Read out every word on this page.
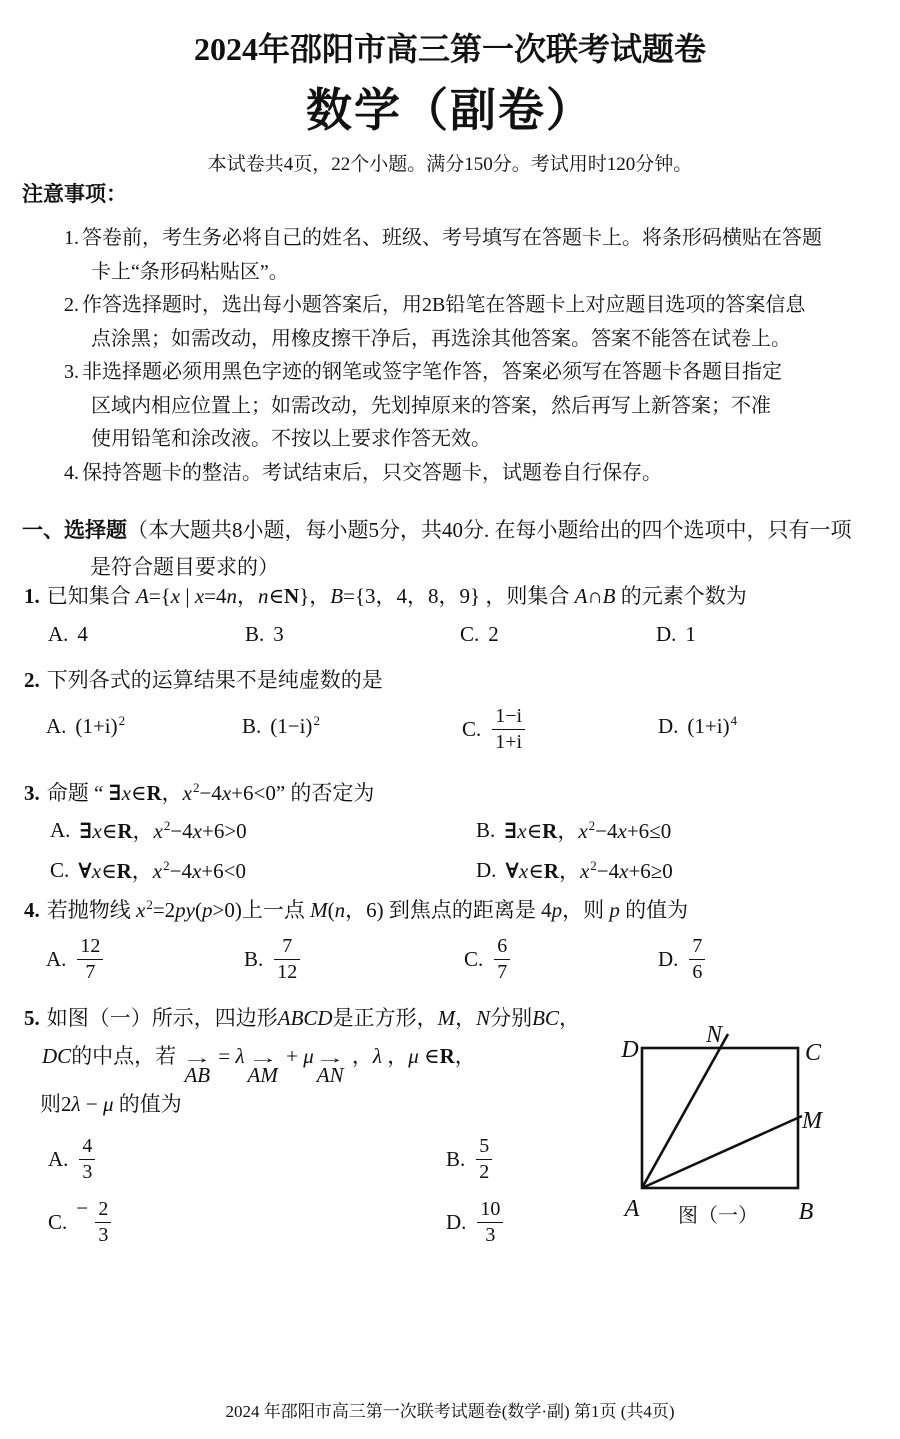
2024年邵阳市高三第一次联考试题卷
数学（副卷）
本试卷共4页，22个小题。满分150分。考试用时120分钟。
注意事项：
1. 答卷前，考生务必将自己的姓名、班级、考号填写在答题卡上。将条形码横贴在答题
卡上“条形码粘贴区”。
2. 作答选择题时，选出每小题答案后，用2B铅笔在答题卡上对应题目选项的答案信息
点涂黑；如需改动，用橡皮擦干净后，再选涂其他答案。答案不能答在试卷上。
3. 非选择题必须用黑色字迹的钢笔或签字笔作答，答案必须写在答题卡各题目指定
区域内相应位置上；如需改动，先划掉原来的答案，然后再写上新答案；不准
使用铅笔和涂改液。不按以上要求作答无效。
4. 保持答题卡的整洁。考试结束后，只交答题卡，试题卷自行保存。
一、选择题（本大题共8小题，每小题5分，共40分. 在每小题给出的四个选项中，只有一项
是符合题目要求的）
1. 已知集合 A={x | x=4n，n∈N}，B={3，4，8，9} ，则集合 A∩B 的元素个数为
A. 4	B. 3	C. 2	D. 1
2. 下列各式的运算结果不是纯虚数的是
A. $(1+i)^2$	B. $(1-i)^2$	C. $\frac{1-i}{1+i}$	D. $(1+i)^4$
3. 命题 “ ∃x∈R，$x^2-4x+6<0$” 的否定为
A. ∃x∈R，$x^2-4x+6>0$	B. ∃x∈R，$x^2-4x+6\le 0$
C. ∀x∈R，$x^2-4x+6<0$	D. ∀x∈R，$x^2-4x+6\ge 0$
4. 若抛物线 $x^2=2py(p>0)$上一点 M(n，6) 到焦点的距离是 4p，则 p 的值为
A. $\frac{12}{7}$	B. $\frac{7}{12}$	C. $\frac{6}{7}$	D. $\frac{7}{6}$
5. 如图（一）所示，四边形ABCD是正方形，M，N分别BC，
DC的中点，若 →
AB
= λ →
AM
+ μ →
AN
，λ ，μ ∈R，
则2λ − μ 的值为
A. $\frac{4}{3}$	B. $\frac{5}{2}$
C.
− $\frac{2}{3}$	D. $\frac{10}{3}$
D
N
C
M
A	B
图（一）
2024 年邵阳市高三第一次联考试题卷(数学·副) 第1页 (共4页)
